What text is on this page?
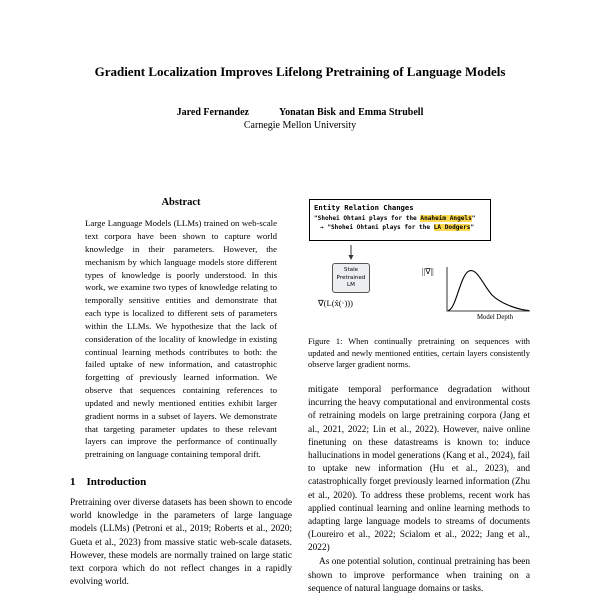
Gradient Localization Improves Lifelong Pretraining of Language Models
Jared Fernandez	Yonatan Bisk and Emma Strubell
Carnegie Mellon University
Abstract

Large Language Models (LLMs) trained on web-scale text corpora have been shown to capture world knowledge in their parameters. However, the mechanism by which language models store different types of knowledge is poorly understood. In this work, we examine two types of knowledge relating to temporally sensitive entities and demonstrate that each type is localized to different sets of parameters within the LLMs. We hypothesize that the lack of consideration of the locality of knowledge in existing continual learning methods contributes to both: the failed uptake of new information, and catastrophic forgetting of previously learned information. We observe that sequences containing references to updated and newly mentioned entities exhibit larger gradient norms in a subset of layers. We demonstrate that targeting parameter updates to these relevant layers can improve the performance of continually pretraining on language containing temporal drift.

1 Introduction

Pretraining over diverse datasets has been shown to encode world knowledge in the parameters of large language models (LLMs) (Petroni et al., 2019; Roberts et al., 2020; Gueta et al., 2023) from massive static web-scale datasets. However, these models are normally trained on large static text corpora which do not reflect changes in a rapidly evolving world.

Entity Relation Changes
"Shohei Ohtani plays for the Anaheim Angels"
→ "Shohei Ohtani plays for the LA Dodgers"
Stale
Pretrained LM
∇(L(x̂(·)))
||∇||
Model Depth

Figure 1: When continually pretraining on sequences with updated and newly mentioned entities, certain layers consistently observe larger gradient norms.

mitigate temporal performance degradation without incurring the heavy computational and environmental costs of retraining models on large pretraining corpora (Jang et al., 2021, 2022; Lin et al., 2022). However, naive online finetuning on these datastreams is known to: induce hallucinations in model generations (Kang et al., 2024), fail to uptake new information (Hu et al., 2023), and catastrophically forget previously learned information (Zhu et al., 2020). To address these problems, recent work has applied continual learning and online learning methods to adapting large language models to streams of documents (Loureiro et al., 2022; Scialom et al., 2022; Jang et al., 2022)

As one potential solution, continual pretraining has been shown to improve performance when training on a sequence of natural language domains or tasks.
